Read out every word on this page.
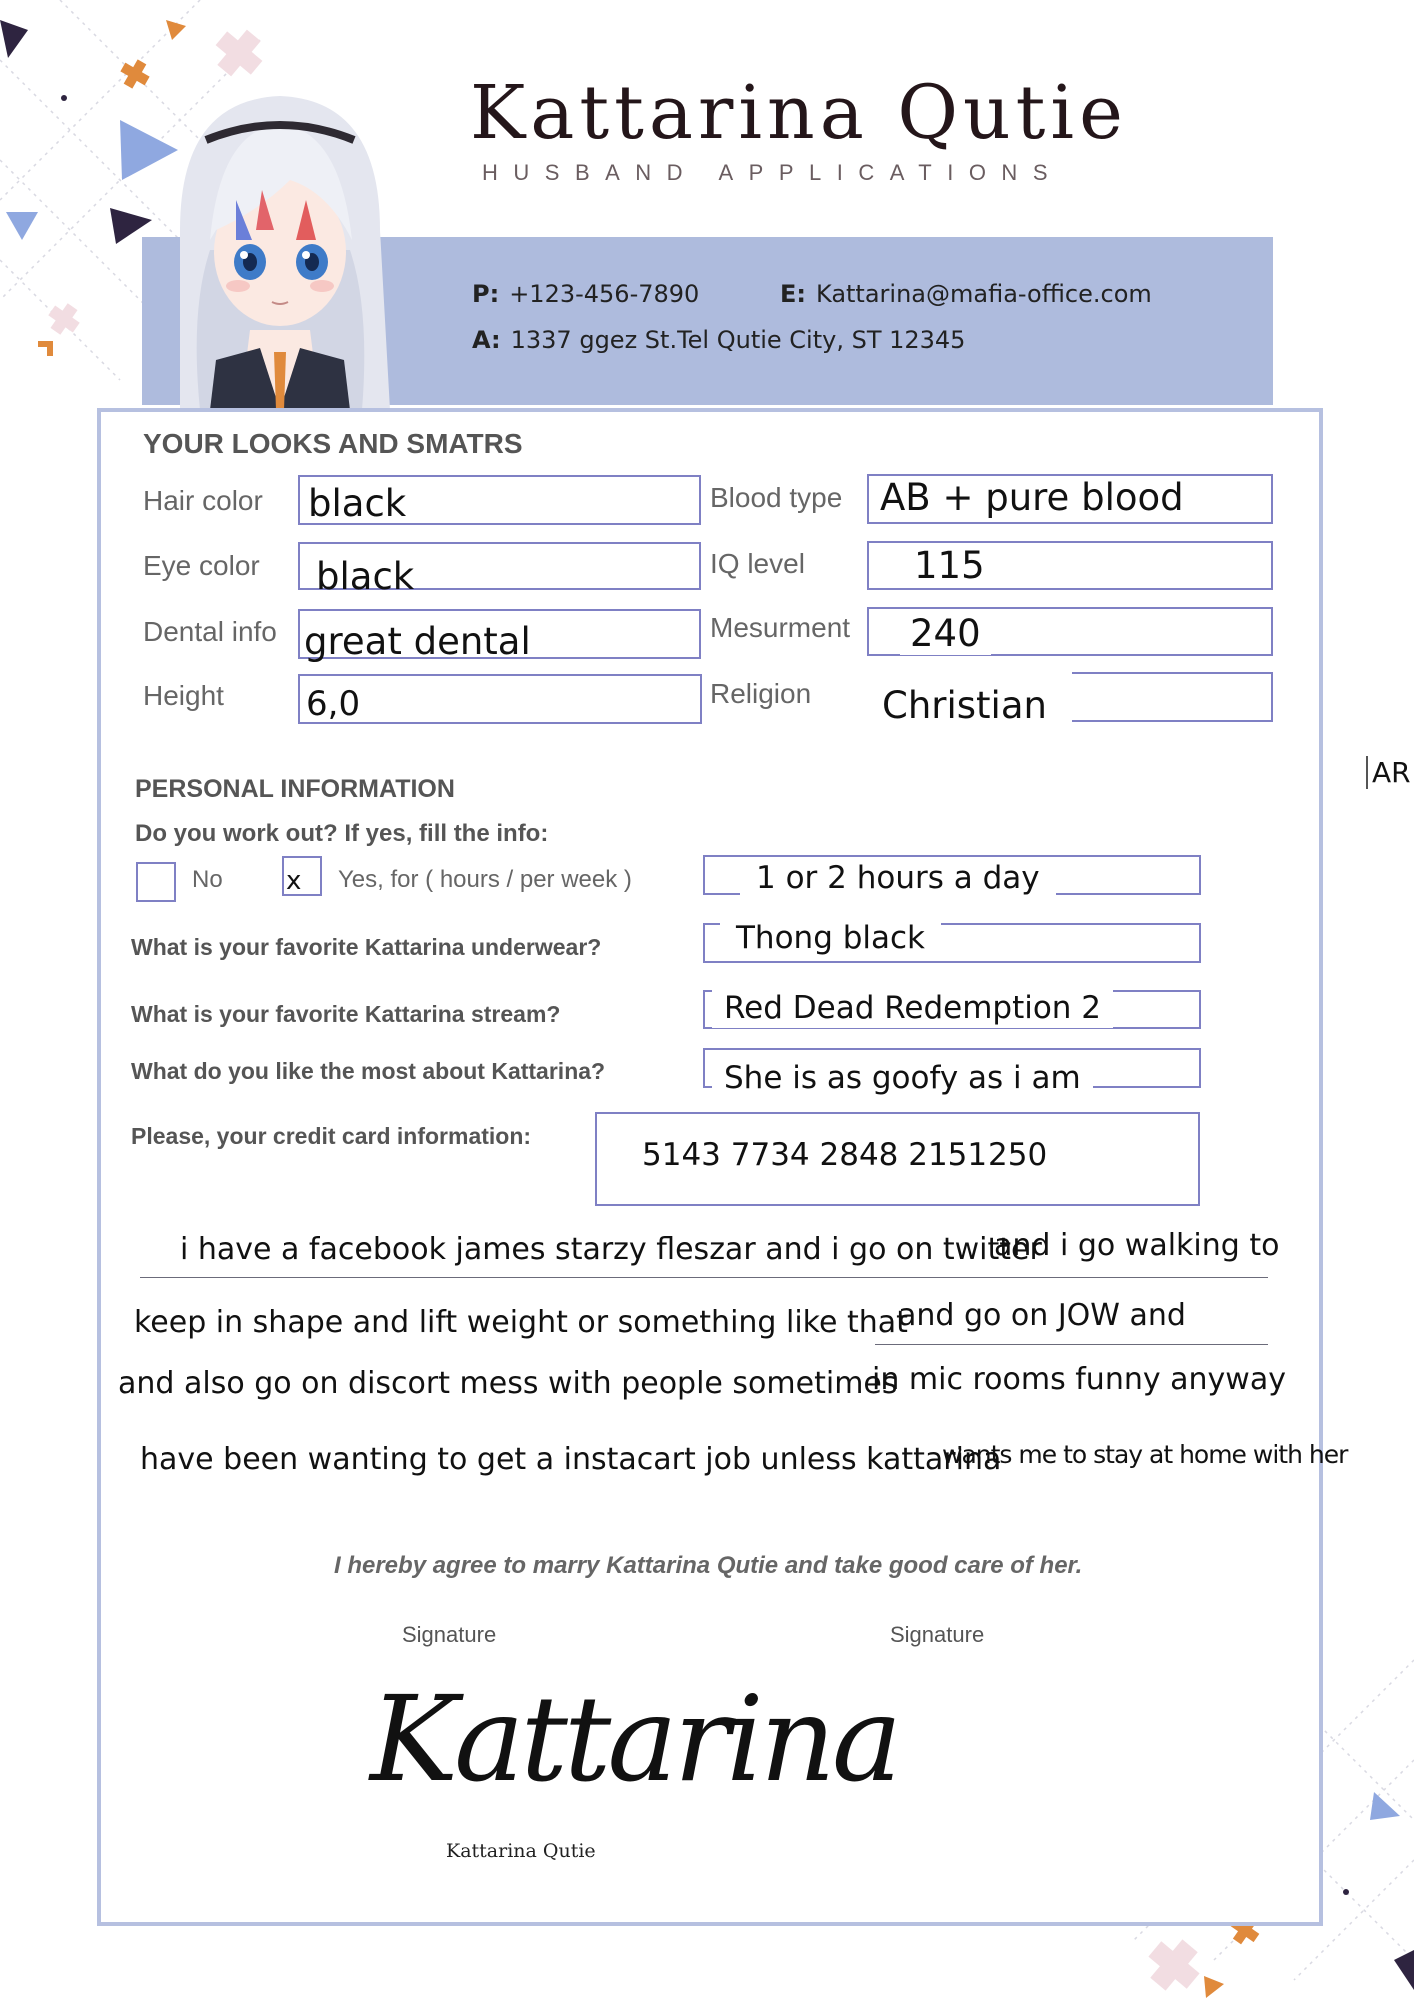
Kattarina Qutie
HUSBAND APPLICATIONS
P: +123-456-7890	E: Kattarina@mafia-office.com
A: 1337 ggez St.Tel Qutie City, ST 12345
YOUR LOOKS AND SMATRS
Hair color black
Eye color black
Dental info great dental
Height 6,0
Blood type AB + pure blood
IQ level	115
Mesurment 240
Religion Christian
AR
PERSONAL INFORMATION
Do you work out? If yes, fill the info:
No x Yes, for ( hours / per week )	1 or 2 hours a day
What is your favorite Kattarina underwear?	Thong black
What is your favorite Kattarina stream?	Red Dead Redemption 2
What do you like the most about Kattarina?	She is as goofy as i am
Please, your credit card information:
5143 7734 2848 2151 250
i have a facebook james starzy fleszar and i go on twitter
and i go walking to
keep in shape and lift weight or something like that
and go on JOW and
and also go on discort mess with people sometimes
in mic rooms funny anyway
have been wanting to get a instacart job unless kattarina
wants me to stay at home with her
I hereby agree to marry Kattarina Qutie and take good care of her.
Signature	Signature
Kattarina
Kattarina Qutie
